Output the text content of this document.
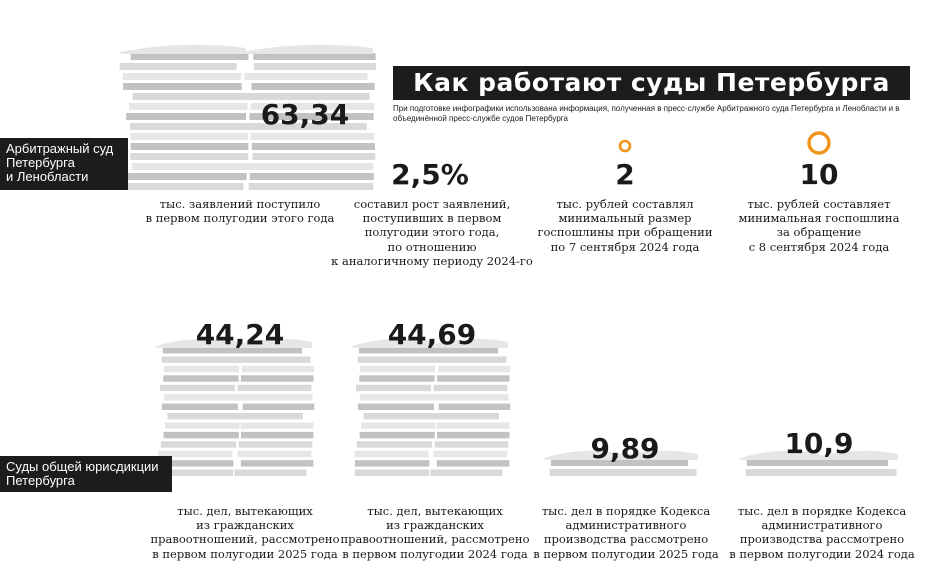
Как работают суды Петербурга
При подготовке инфографики использована информация, полученная в пресс-службе Арбитражного суда Петербурга и Ленобласти и в объединённой пресс-службе судов Петербурга
Арбитражный суд
Петербурга
и Ленобласти
Суды общей юрисдикции
Петербурга
63,34
тыс. заявлений поступило
в первом полугодии этого года
2,5%
составил рост заявлений,
поступивших в первом
полугодии этого года,
по отношению
к аналогичному периоду 2024-го
2
тыс. рублей составлял
минимальный размер
госпошлины при обращении
по 7 сентября 2024 года
10
тыс. рублей составляет
минимальная госпошлина
за обращение
с 8 сентября 2024 года
44,24
тыс. дел, вытекающих
из гражданских
правоотношений, рассмотрено
в первом полугодии 2025 года
44,69
тыс. дел, вытекающих
из гражданских
правоотношений, рассмотрено
в первом полугодии 2024 года
9,89
тыс. дел в порядке Кодекса
административного
производства рассмотрено
в первом полугодии 2025 года
10,9
тыс. дел в порядке Кодекса
административного
производства рассмотрено
в первом полугодии 2024 года
